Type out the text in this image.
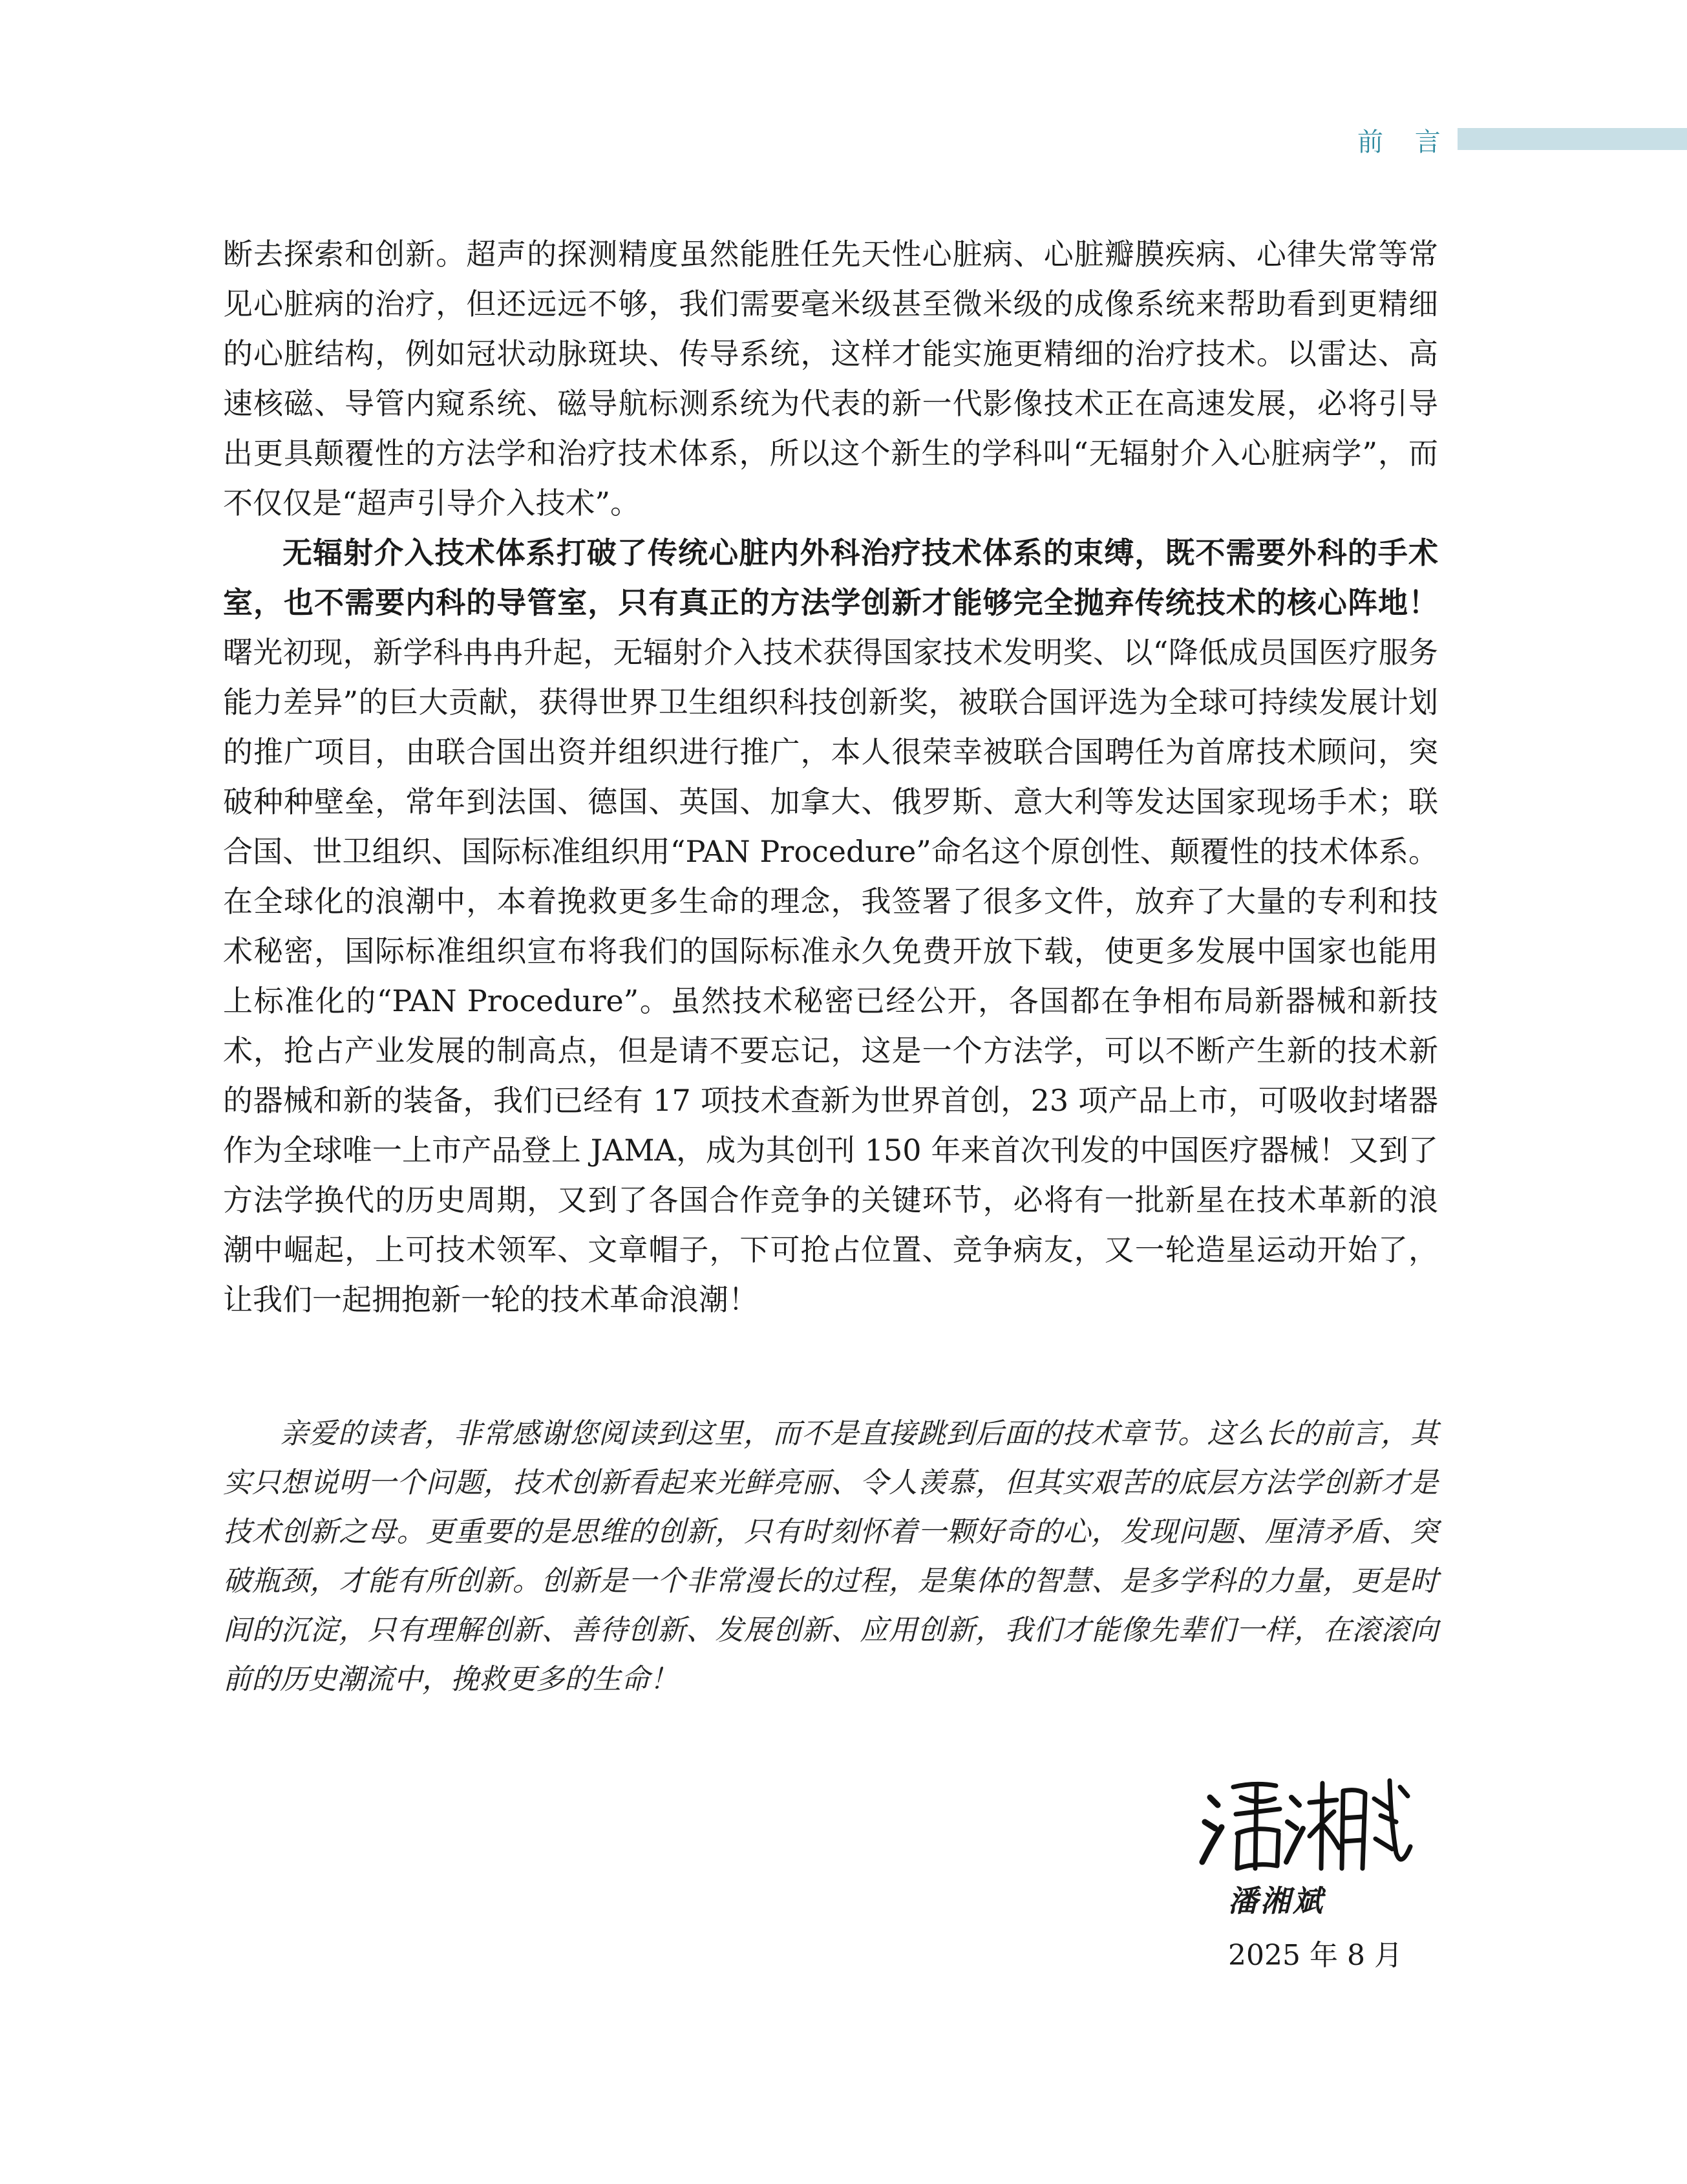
前 言

断去探索和创新。超声的探测精度虽然能胜任先天性心脏病、心脏瓣膜疾病、心律失常等常见心脏病的治疗，但还远远不够，我们需要毫米级甚至微米级的成像系统来帮助看到更精细的心脏结构，例如冠状动脉斑块、传导系统，这样才能实施更精细的治疗技术。以雷达、高速核磁、导管内窥系统、磁导航标测系统为代表的新一代影像技术正在高速发展，必将引导出更具颠覆性的方法学和治疗技术体系，所以这个新生的学科叫“无辐射介入心脏病学”，而不仅仅是“超声引导介入技术”。

无辐射介入技术体系打破了传统心脏内外科治疗技术体系的束缚，既不需要外科的手术室，也不需要内科的导管室，只有真正的方法学创新才能够完全抛弃传统技术的核心阵地！曙光初现，新学科冉冉升起，无辐射介入技术获得国家技术发明奖、以“降低成员国医疗服务能力差异”的巨大贡献，获得世界卫生组织科技创新奖，被联合国评选为全球可持续发展计划的推广项目，由联合国出资并组织进行推广，本人很荣幸被联合国聘任为首席技术顾问，突破种种壁垒，常年到法国、德国、英国、加拿大、俄罗斯、意大利等发达国家现场手术；联合国、世卫组织、国际标准组织用“PAN Procedure”命名这个原创性、颠覆性的技术体系。在全球化的浪潮中，本着挽救更多生命的理念，我签署了很多文件，放弃了大量的专利和技术秘密，国际标准组织宣布将我们的国际标准永久免费开放下载，使更多发展中国家也能用上标准化的“PAN Procedure”。虽然技术秘密已经公开，各国都在争相布局新器械和新技术，抢占产业发展的制高点，但是请不要忘记，这是一个方法学，可以不断产生新的技术新的器械和新的装备，我们已经有 17 项技术查新为世界首创，23 项产品上市，可吸收封堵器作为全球唯一上市产品登上 JAMA，成为其创刊 150 年来首次刊发的中国医疗器械！又到了方法学换代的历史周期，又到了各国合作竞争的关键环节，必将有一批新星在技术革新的浪潮中崛起，上可技术领军、文章帽子，下可抢占位置、竞争病友，又一轮造星运动开始了，让我们一起拥抱新一轮的技术革命浪潮！

亲爱的读者，非常感谢您阅读到这里，而不是直接跳到后面的技术章节。这么长的前言，其实只想说明一个问题，技术创新看起来光鲜亮丽、令人羡慕，但其实艰苦的底层方法学创新才是技术创新之母。更重要的是思维的创新，只有时刻怀着一颗好奇的心，发现问题、厘清矛盾、突破瓶颈，才能有所创新。创新是一个非常漫长的过程，是集体的智慧、是多学科的力量，更是时间的沉淀，只有理解创新、善待创新、发展创新、应用创新，我们才能像先辈们一样，在滚滚向前的历史潮流中，挽救更多的生命！

潘湘斌
2025 年 8 月
